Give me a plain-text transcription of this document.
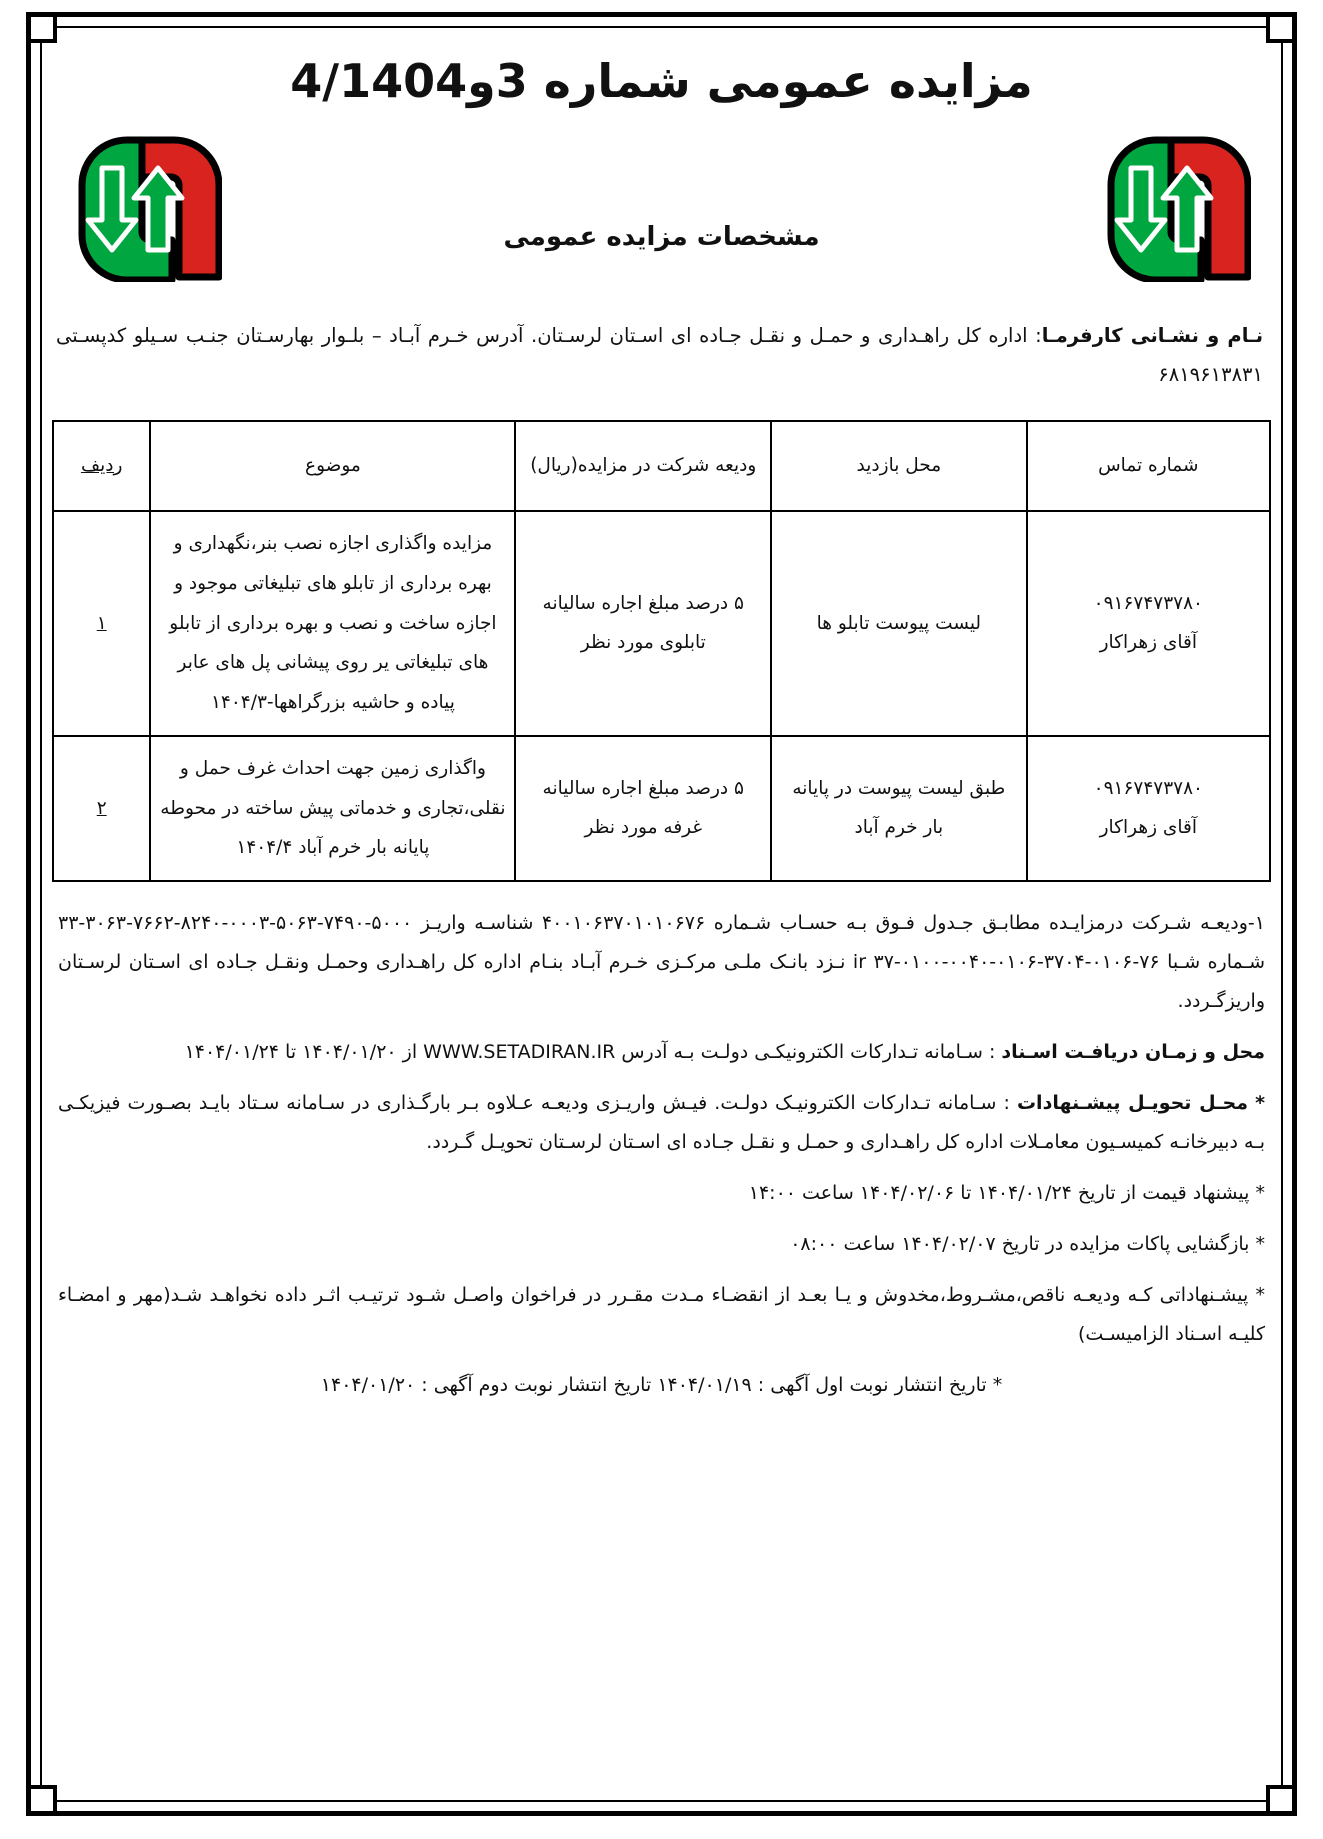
مزایده عمومی شماره 3و4/1404
مشخصات مزایده عمومی
نـام و نشـانی کارفرمـا: اداره کل راهـداری و حمـل و نقـل جـاده ای اسـتان لرسـتان. آدرس خـرم آبـاد – بلـوار بهارسـتان جنـب سـیلو کدپسـتی ۶۸۱۹۶۱۳۸۳۱
شماره تماس	محل بازدید	ودیعه شرکت در مزایده(ریال)	موضوع	ردیف

۰۹۱۶۷۴۷۳۷۸۰
آقای زهراکار	لیست پیوست تابلو ها	۵ درصد مبلغ اجاره سالیانه تابلوی مورد نظر	مزایده واگذاری اجازه نصب بنر،نگهداری و بهره برداری از تابلو های تبلیغاتی موجود و اجازه ساخت و نصب و بهره برداری از تابلو های تبلیغاتی یر روی پیشانی پل های عابر پیاده و حاشیه بزرگراهها-۱۴۰۴/۳	۱

۰۹۱۶۷۴۷۳۷۸۰
آقای زهراکار	طبق لیست پیوست در پایانه بار خرم آباد	۵ درصد مبلغ اجاره سالیانه غرفه مورد نظر	واگذاری زمین جهت احداث غرف حمل و نقلی،تجاری و خدماتی پیش ساخته در محوطه پایانه بار خرم آباد ۱۴۰۴/۴	۲

۱-ودیعـه شـرکت درمزایـده مطابـق جـدول فـوق بـه حسـاب شـماره ۴۰۰۱۰۶۳۷۰۱۰۱۰۶۷۶ شناسـه واریـز ۵۰۰۰-۷۴۹۰-۵۰۶۳-۰۰۰۳-۸۲۴۰-۷۶۶۲-۳۰۶۳-۳۳ شـماره شـبا ۷۶-۰۱۰۶-۳۷۰۴-۰۱۰۶-۰۰۴۰-۰۱۰۰-۳۷ ir نـزد بانـک ملـی مرکـزی خـرم آبـاد بنـام اداره کل راهـداری وحمـل ونقـل جـاده ای اسـتان لرسـتان واریزگـردد.

محل و زمـان دریافـت اسـناد : سـامانه تـدارکات الکترونیکـی دولـت بـه آدرس WWW.SETADIRAN.IR از ۱۴۰۴/۰۱/۲۰ تا ۱۴۰۴/۰۱/۲۴

* محـل تحویـل پیشـنهادات : سـامانه تـدارکات الکترونیـک دولـت. فیـش واریـزی ودیعـه عـلاوه بـر بارگـذاری در سـامانه سـتاد بایـد بصـورت فیزیکـی بـه دبیرخانـه کمیسـیون معامـلات اداره کل راهـداری و حمـل و نقـل جـاده ای اسـتان لرسـتان تحویـل گـردد.

* پیشنهاد قیمت از تاریخ ۱۴۰۴/۰۱/۲۴ تا ۱۴۰۴/۰۲/۰۶ ساعت ۱۴:۰۰

* بازگشایی پاکات مزایده در تاریخ ۱۴۰۴/۰۲/۰۷ ساعت ۰۸:۰۰

* پیشـنهاداتی کـه ودیعـه ناقص،مشـروط،مخدوش و یـا بعـد از انقضـاء مـدت مقـرر در فراخوان واصـل شـود ترتیـب اثـر داده نخواهـد شـد(مهر و امضـاء کلیـه اسـناد الزامیسـت)

* تاریخ انتشار نوبت اول آگهی : ۱۴۰۴/۰۱/۱۹ تاریخ انتشار نوبت دوم آگهی : ۱۴۰۴/۰۱/۲۰
